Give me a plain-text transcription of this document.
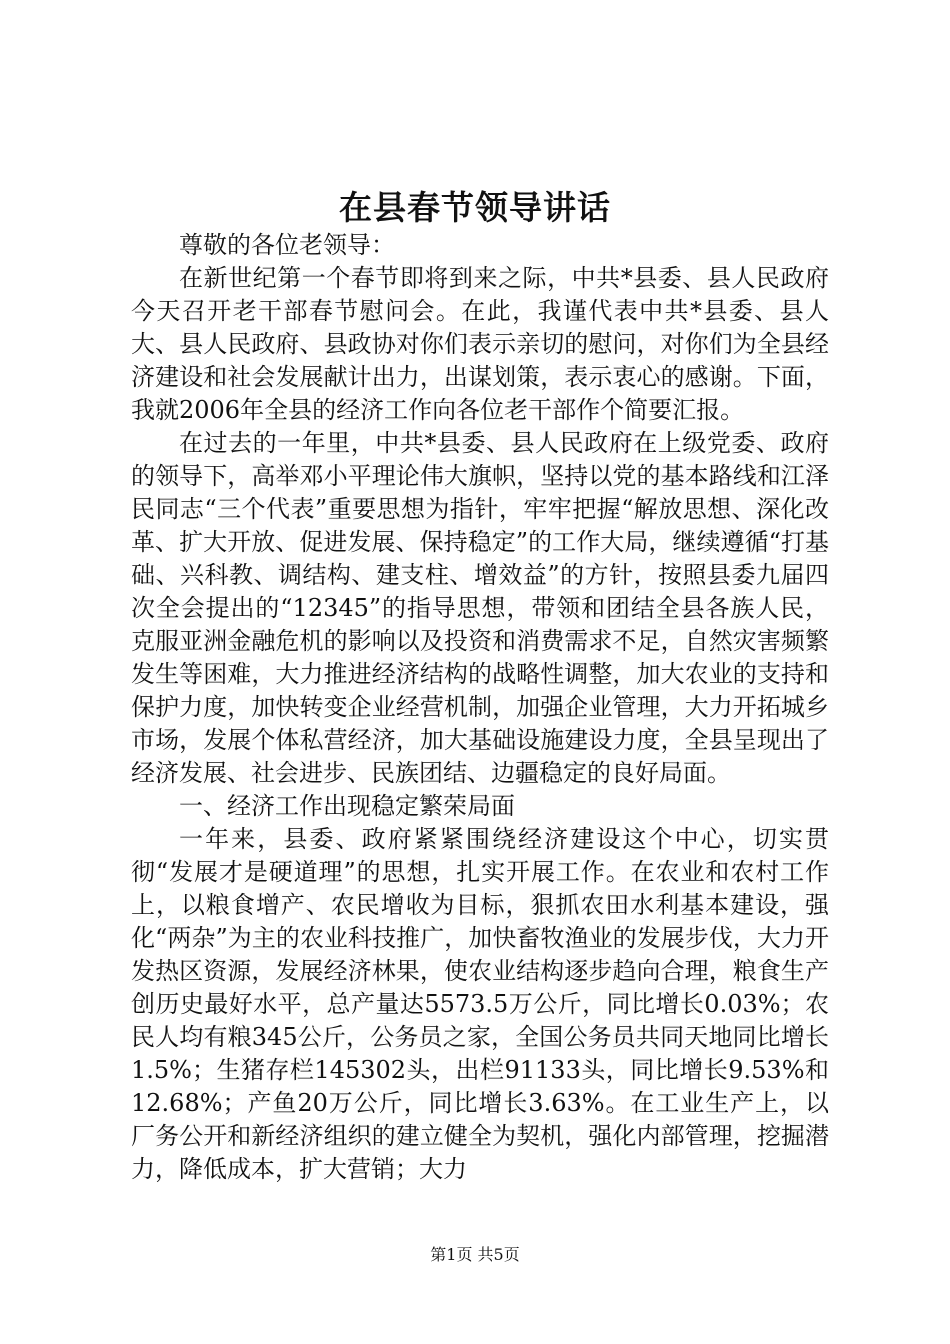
在县春节领导讲话

尊敬的各位老领导：

在新世纪第一个春节即将到来之际，中共*县委、县人民政府今天召开老干部春节慰问会。在此，我谨代表中共*县委、县人大、县人民政府、县政协对你们表示亲切的慰问，对你们为全县经济建设和社会发展献计出力，出谋划策，表示衷心的感谢。下面，我就2006年全县的经济工作向各位老干部作个简要汇报。

在过去的一年里，中共*县委、县人民政府在上级党委、政府的领导下，高举邓小平理论伟大旗帜，坚持以党的基本路线和江泽民同志“三个代表”重要思想为指针，牢牢把握“解放思想、深化改革、扩大开放、促进发展、保持稳定”的工作大局，继续遵循“打基础、兴科教、调结构、建支柱、增效益”的方针，按照县委九届四次全会提出的“12345”的指导思想，带领和团结全县各族人民，克服亚洲金融危机的影响以及投资和消费需求不足，自然灾害频繁发生等困难，大力推进经济结构的战略性调整，加大农业的支持和保护力度，加快转变企业经营机制，加强企业管理，大力开拓城乡市场，发展个体私营经济，加大基础设施建设力度，全县呈现出了经济发展、社会进步、民族团结、边疆稳定的良好局面。

一、经济工作出现稳定繁荣局面

一年来，县委、政府紧紧围绕经济建设这个中心，切实贯彻“发展才是硬道理”的思想，扎实开展工作。在农业和农村工作上，以粮食增产、农民增收为目标，狠抓农田水利基本建设，强化“两杂”为主的农业科技推广，加快畜牧渔业的发展步伐，大力开发热区资源，发展经济林果，使农业结构逐步趋向合理，粮食生产创历史最好水平，总产量达5573.5万公斤，同比增长0.03%；农民人均有粮345公斤，公务员之家，全国公务员共同天地同比增长1.5%；生猪存栏145302头，出栏91133头，同比增长9.53%和12.68%；产鱼20万公斤，同比增长3.63%。在工业生产上，以厂务公开和新经济组织的建立健全为契机，强化内部管理，挖掘潜力，降低成本，扩大营销；大力

第1页 共5页
